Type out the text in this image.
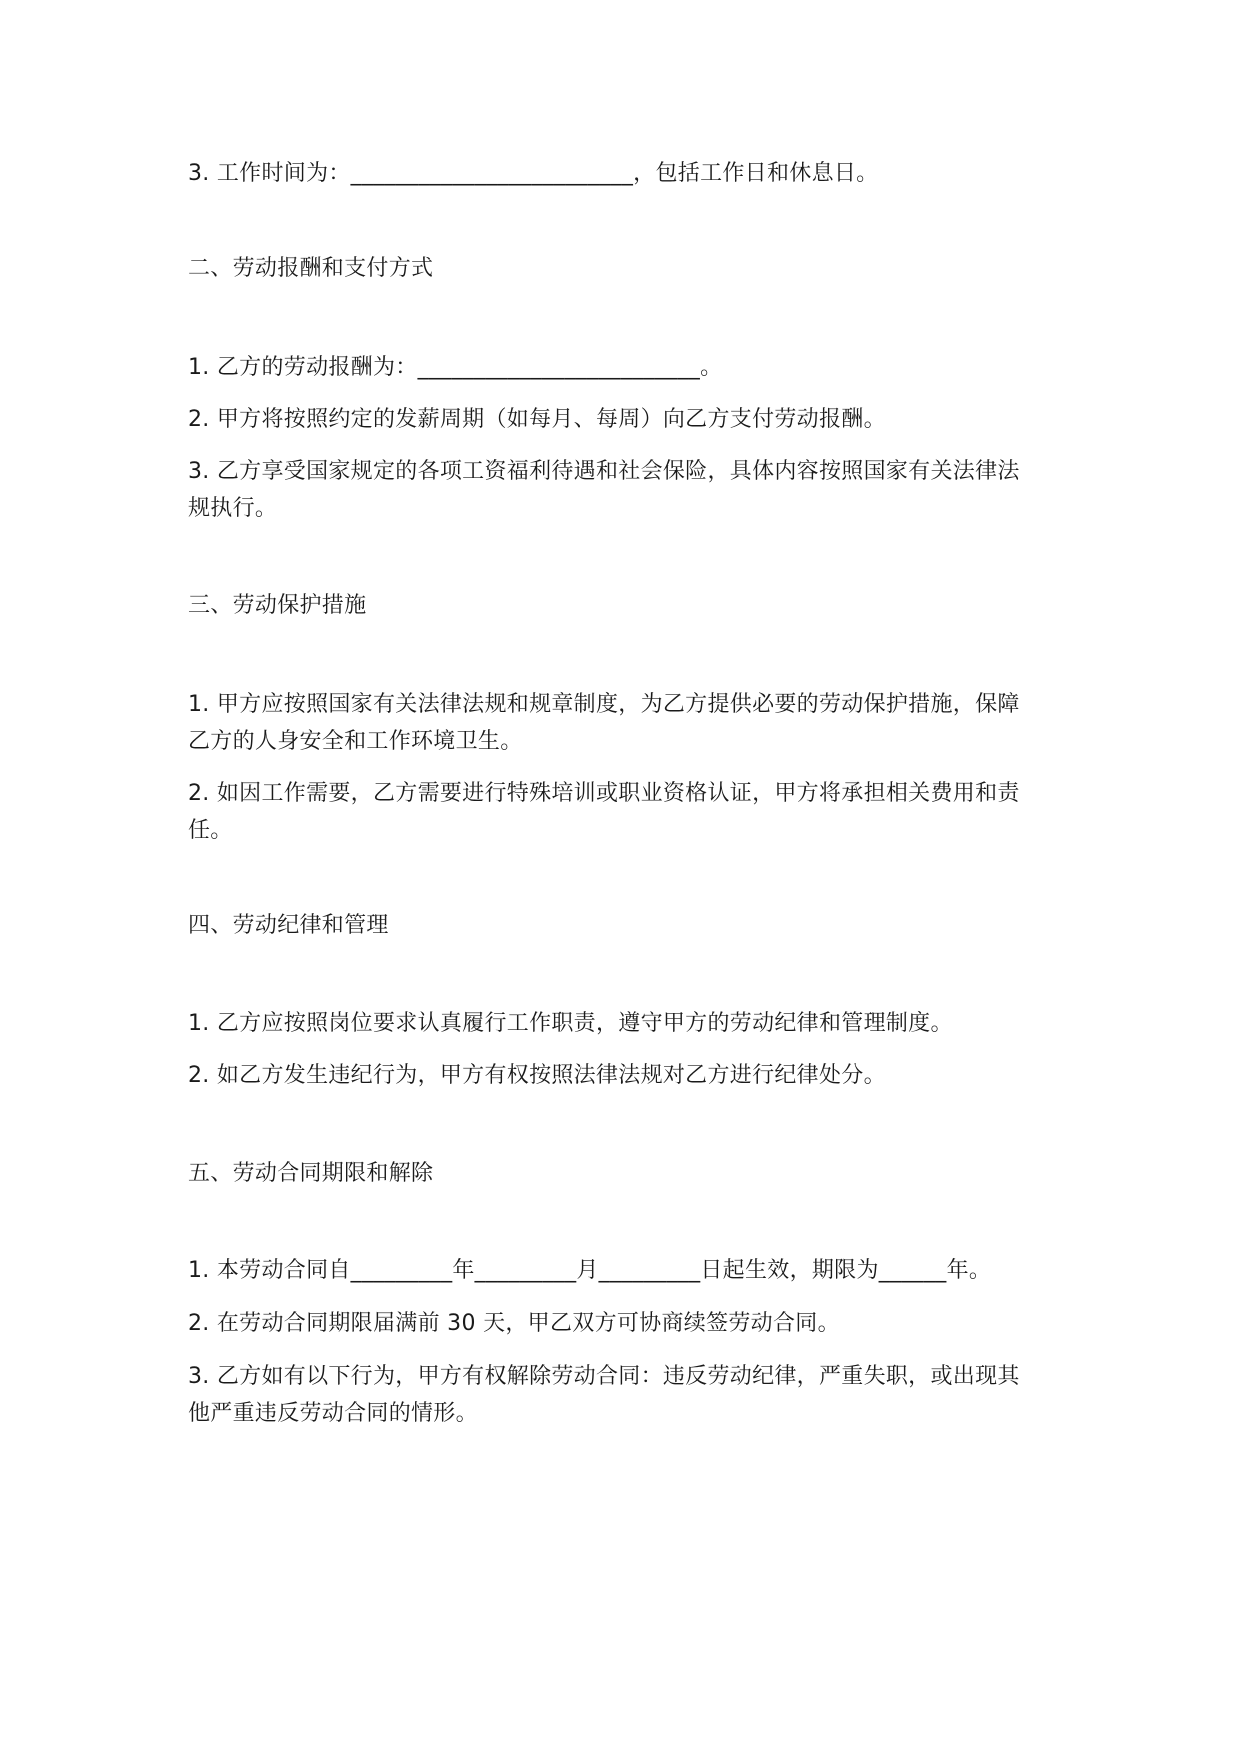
3. 工作时间为：_________________________，包括工作日和休息日。
二、劳动报酬和支付方式
1. 乙方的劳动报酬为：_________________________。
2. 甲方将按照约定的发薪周期（如每月、每周）向乙方支付劳动报酬。
3. 乙方享受国家规定的各项工资福利待遇和社会保险，具体内容按照国家有关法律法
规执行。
三、劳动保护措施
1. 甲方应按照国家有关法律法规和规章制度，为乙方提供必要的劳动保护措施，保障
乙方的人身安全和工作环境卫生。
2. 如因工作需要，乙方需要进行特殊培训或职业资格认证，甲方将承担相关费用和责
任。
四、劳动纪律和管理
1. 乙方应按照岗位要求认真履行工作职责，遵守甲方的劳动纪律和管理制度。
2. 如乙方发生违纪行为，甲方有权按照法律法规对乙方进行纪律处分。
五、劳动合同期限和解除
1. 本劳动合同自_________年_________月_________日起生效，期限为______年。
2. 在劳动合同期限届满前 30 天，甲乙双方可协商续签劳动合同。
3. 乙方如有以下行为，甲方有权解除劳动合同：违反劳动纪律，严重失职，或出现其
他严重违反劳动合同的情形。
